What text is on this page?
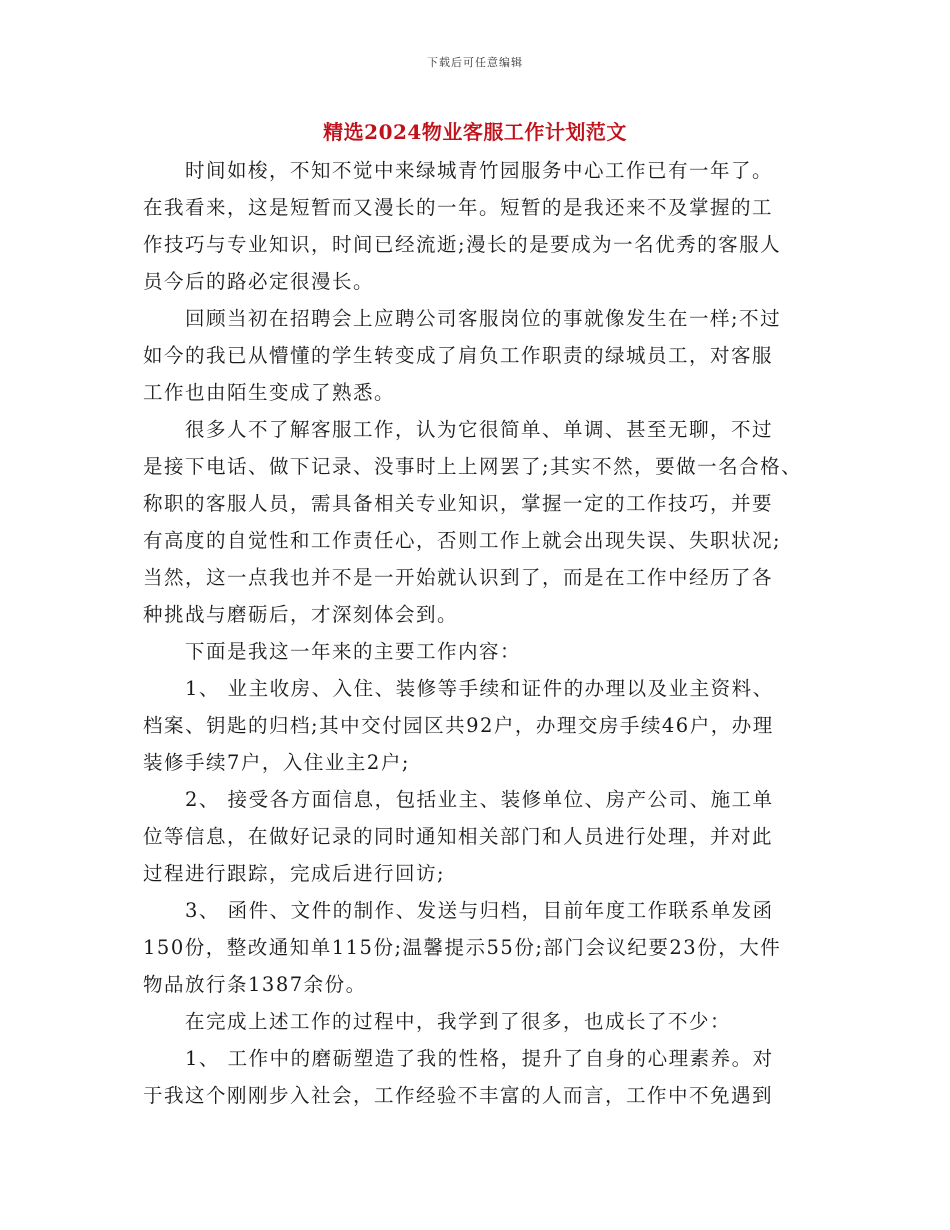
下载后可任意编辑
精选2024物业客服工作计划范文
时间如梭，不知不觉中来绿城青竹园服务中心工作已有一年了。
在我看来，这是短暂而又漫长的一年。短暂的是我还来不及掌握的工
作技巧与专业知识，时间已经流逝;漫长的是要成为一名优秀的客服人
员今后的路必定很漫长。
回顾当初在招聘会上应聘公司客服岗位的事就像发生在一样;不过
如今的我已从懵懂的学生转变成了肩负工作职责的绿城员工，对客服
工作也由陌生变成了熟悉。
很多人不了解客服工作，认为它很简单、单调、甚至无聊，不过
是接下电话、做下记录、没事时上上网罢了;其实不然，要做一名合格、
称职的客服人员，需具备相关专业知识，掌握一定的工作技巧，并要
有高度的自觉性和工作责任心，否则工作上就会出现失误、失职状况;
当然，这一点我也并不是一开始就认识到了，而是在工作中经历了各
种挑战与磨砺后，才深刻体会到。
下面是我这一年来的主要工作内容：
1、 业主收房、入住、装修等手续和证件的办理以及业主资料、
档案、钥匙的归档;其中交付园区共92户，办理交房手续46户，办理
装修手续7户，入住业主2户;
2、 接受各方面信息，包括业主、装修单位、房产公司、施工单
位等信息，在做好记录的同时通知相关部门和人员进行处理，并对此
过程进行跟踪，完成后进行回访;
3、 函件、文件的制作、发送与归档，目前年度工作联系单发函
150份，整改通知单115份;温馨提示55份;部门会议纪要23份，大件
物品放行条1387余份。
在完成上述工作的过程中，我学到了很多，也成长了不少：
1、 工作中的磨砺塑造了我的性格，提升了自身的心理素养。对
于我这个刚刚步入社会，工作经验不丰富的人而言，工作中不免遇到
